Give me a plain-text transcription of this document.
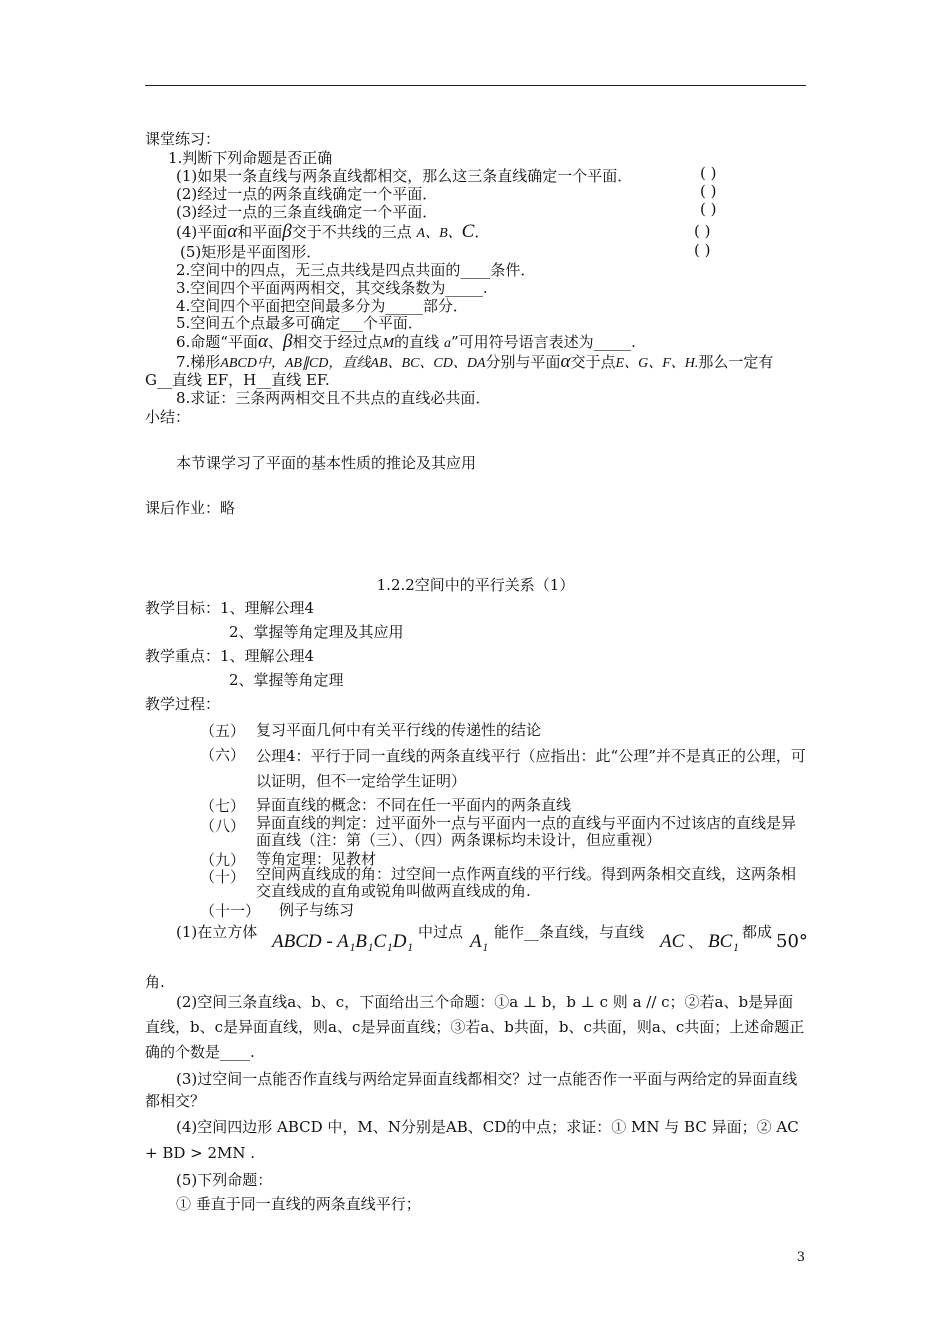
课堂练习：
1.判断下列命题是否正确
(1)如果一条直线与两条直线都相交，那么这三条直线确定一个平面．	( )
(2)经过一点的两条直线确定一个平面．	( )
(3)经过一点的三条直线确定一个平面．	( )
(4)平面α和平面β交于不共线的三点 A、B、C．	( )
(5)矩形是平面图形．	( )
2.空间中的四点，无三点共线是四点共面的____条件．
3.空间四个平面两两相交，其交线条数为_____.
4.空间四个平面把空间最多分为_____部分．
5.空间五个点最多可确定___个平面．
6.命题“平面α、β相交于经过点M的直线 a”可用符号语言表述为_____.
7.梯形ABCD中，AB∥CD，直线AB、BC、CD、DA分别与平面α交于点E、G、F、H.那么一定有
G__直线 EF，H__直线 EF.
8.求证：三条两两相交且不共点的直线必共面．
小结：
本节课学习了平面的基本性质的推论及其应用
课后作业：略
1.2.2空间中的平行关系（1）
教学目标：1、理解公理4
2、掌握等角定理及其应用
教学重点：1、理解公理4
2、掌握等角定理
教学过程：
（五） 复习平面几何中有关平行线的传递性的结论
（六） 公理4：平行于同一直线的两条直线平行（应指出：此“公理”并不是真正的公理，可以证明，但不一定给学生证明）
（七） 异面直线的概念：不同在任一平面内的两条直线
（八） 异面直线的判定：过平面外一点与平面内一点的直线与平面内不过该店的直线是异面直线（注：第（三）、（四）两条课标均未设计，但应重视）
（九） 等角定理：见教材
（十） 空间两直线成的角：过空间一点作两直线的平行线。得到两条相交直线，这两条相交直线成的直角或锐角叫做两直线成的角.
（十一） 例子与练习
(1)在立方体 ABCD - A₁B₁C₁D₁ 中过点 A₁ 能作__条直线，与直线 AC 、 BC₁ 都成 50°
角.
(2)空间三条直线a、b、c，下面给出三个命题：①a ⊥ b，b ⊥ c 则 a // c；②若a、b是异面直线，b、c是异面直线，则a、c是异面直线；③若a、b共面，b、c共面，则a、c共面；上述命题正确的个数是____.
(3)过空间一点能否作直线与两给定异面直线都相交？过一点能否作一平面与两给定的异面直线都相交？
(4)空间四边形 ABCD 中，M、N分别是AB、CD的中点；求证：① MN 与 BC 异面；② AC + BD > 2MN .
(5)下列命题：
① 垂直于同一直线的两条直线平行；
3
